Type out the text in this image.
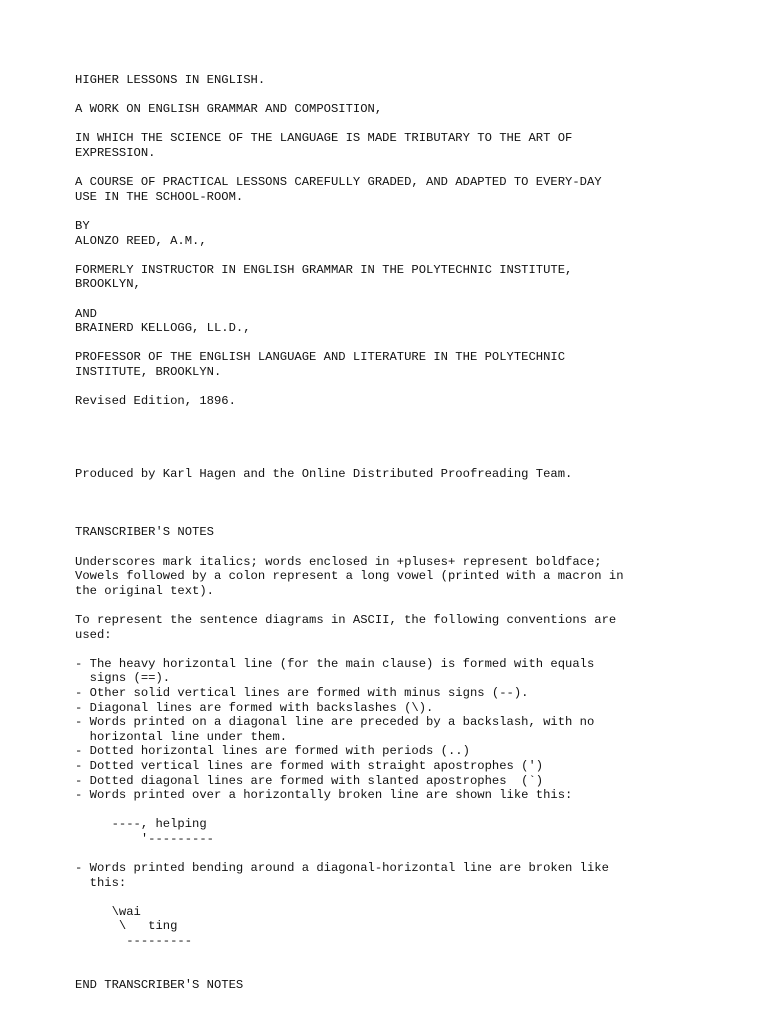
HIGHER LESSONS IN ENGLISH.

A WORK ON ENGLISH GRAMMAR AND COMPOSITION,

IN WHICH THE SCIENCE OF THE LANGUAGE IS MADE TRIBUTARY TO THE ART OF

EXPRESSION.

A COURSE OF PRACTICAL LESSONS CAREFULLY GRADED, AND ADAPTED TO EVERY-DAY

USE IN THE SCHOOL-ROOM.

BY

ALONZO REED, A.M.,

FORMERLY INSTRUCTOR IN ENGLISH GRAMMAR IN THE POLYTECHNIC INSTITUTE,

BROOKLYN,

AND

BRAINERD KELLOGG, LL.D.,

PROFESSOR OF THE ENGLISH LANGUAGE AND LITERATURE IN THE POLYTECHNIC

INSTITUTE, BROOKLYN.

Revised Edition, 1896.

Produced by Karl Hagen and the Online Distributed Proofreading Team.

TRANSCRIBER'S NOTES

Underscores mark italics; words enclosed in +pluses+ represent boldface;

Vowels followed by a colon represent a long vowel (printed with a macron in

the original text).

To represent the sentence diagrams in ASCII, the following conventions are

used:

- The heavy horizontal line (for the main clause) is formed with equals
signs (==).
- Other solid vertical lines are formed with minus signs (--).
- Diagonal lines are formed with backslashes (\).
- Words printed on a diagonal line are preceded by a backslash, with no
horizontal line under them.
- Dotted horizontal lines are formed with periods (..)
- Dotted vertical lines are formed with straight apostrophes (')
- Dotted diagonal lines are formed with slanted apostrophes  (`)
- Words printed over a horizontally broken line are shown like this:

----, helping

'---------

- Words printed bending around a diagonal-horizontal line are broken like
this:

\wai

\   ting

---------

END TRANSCRIBER'S NOTES
